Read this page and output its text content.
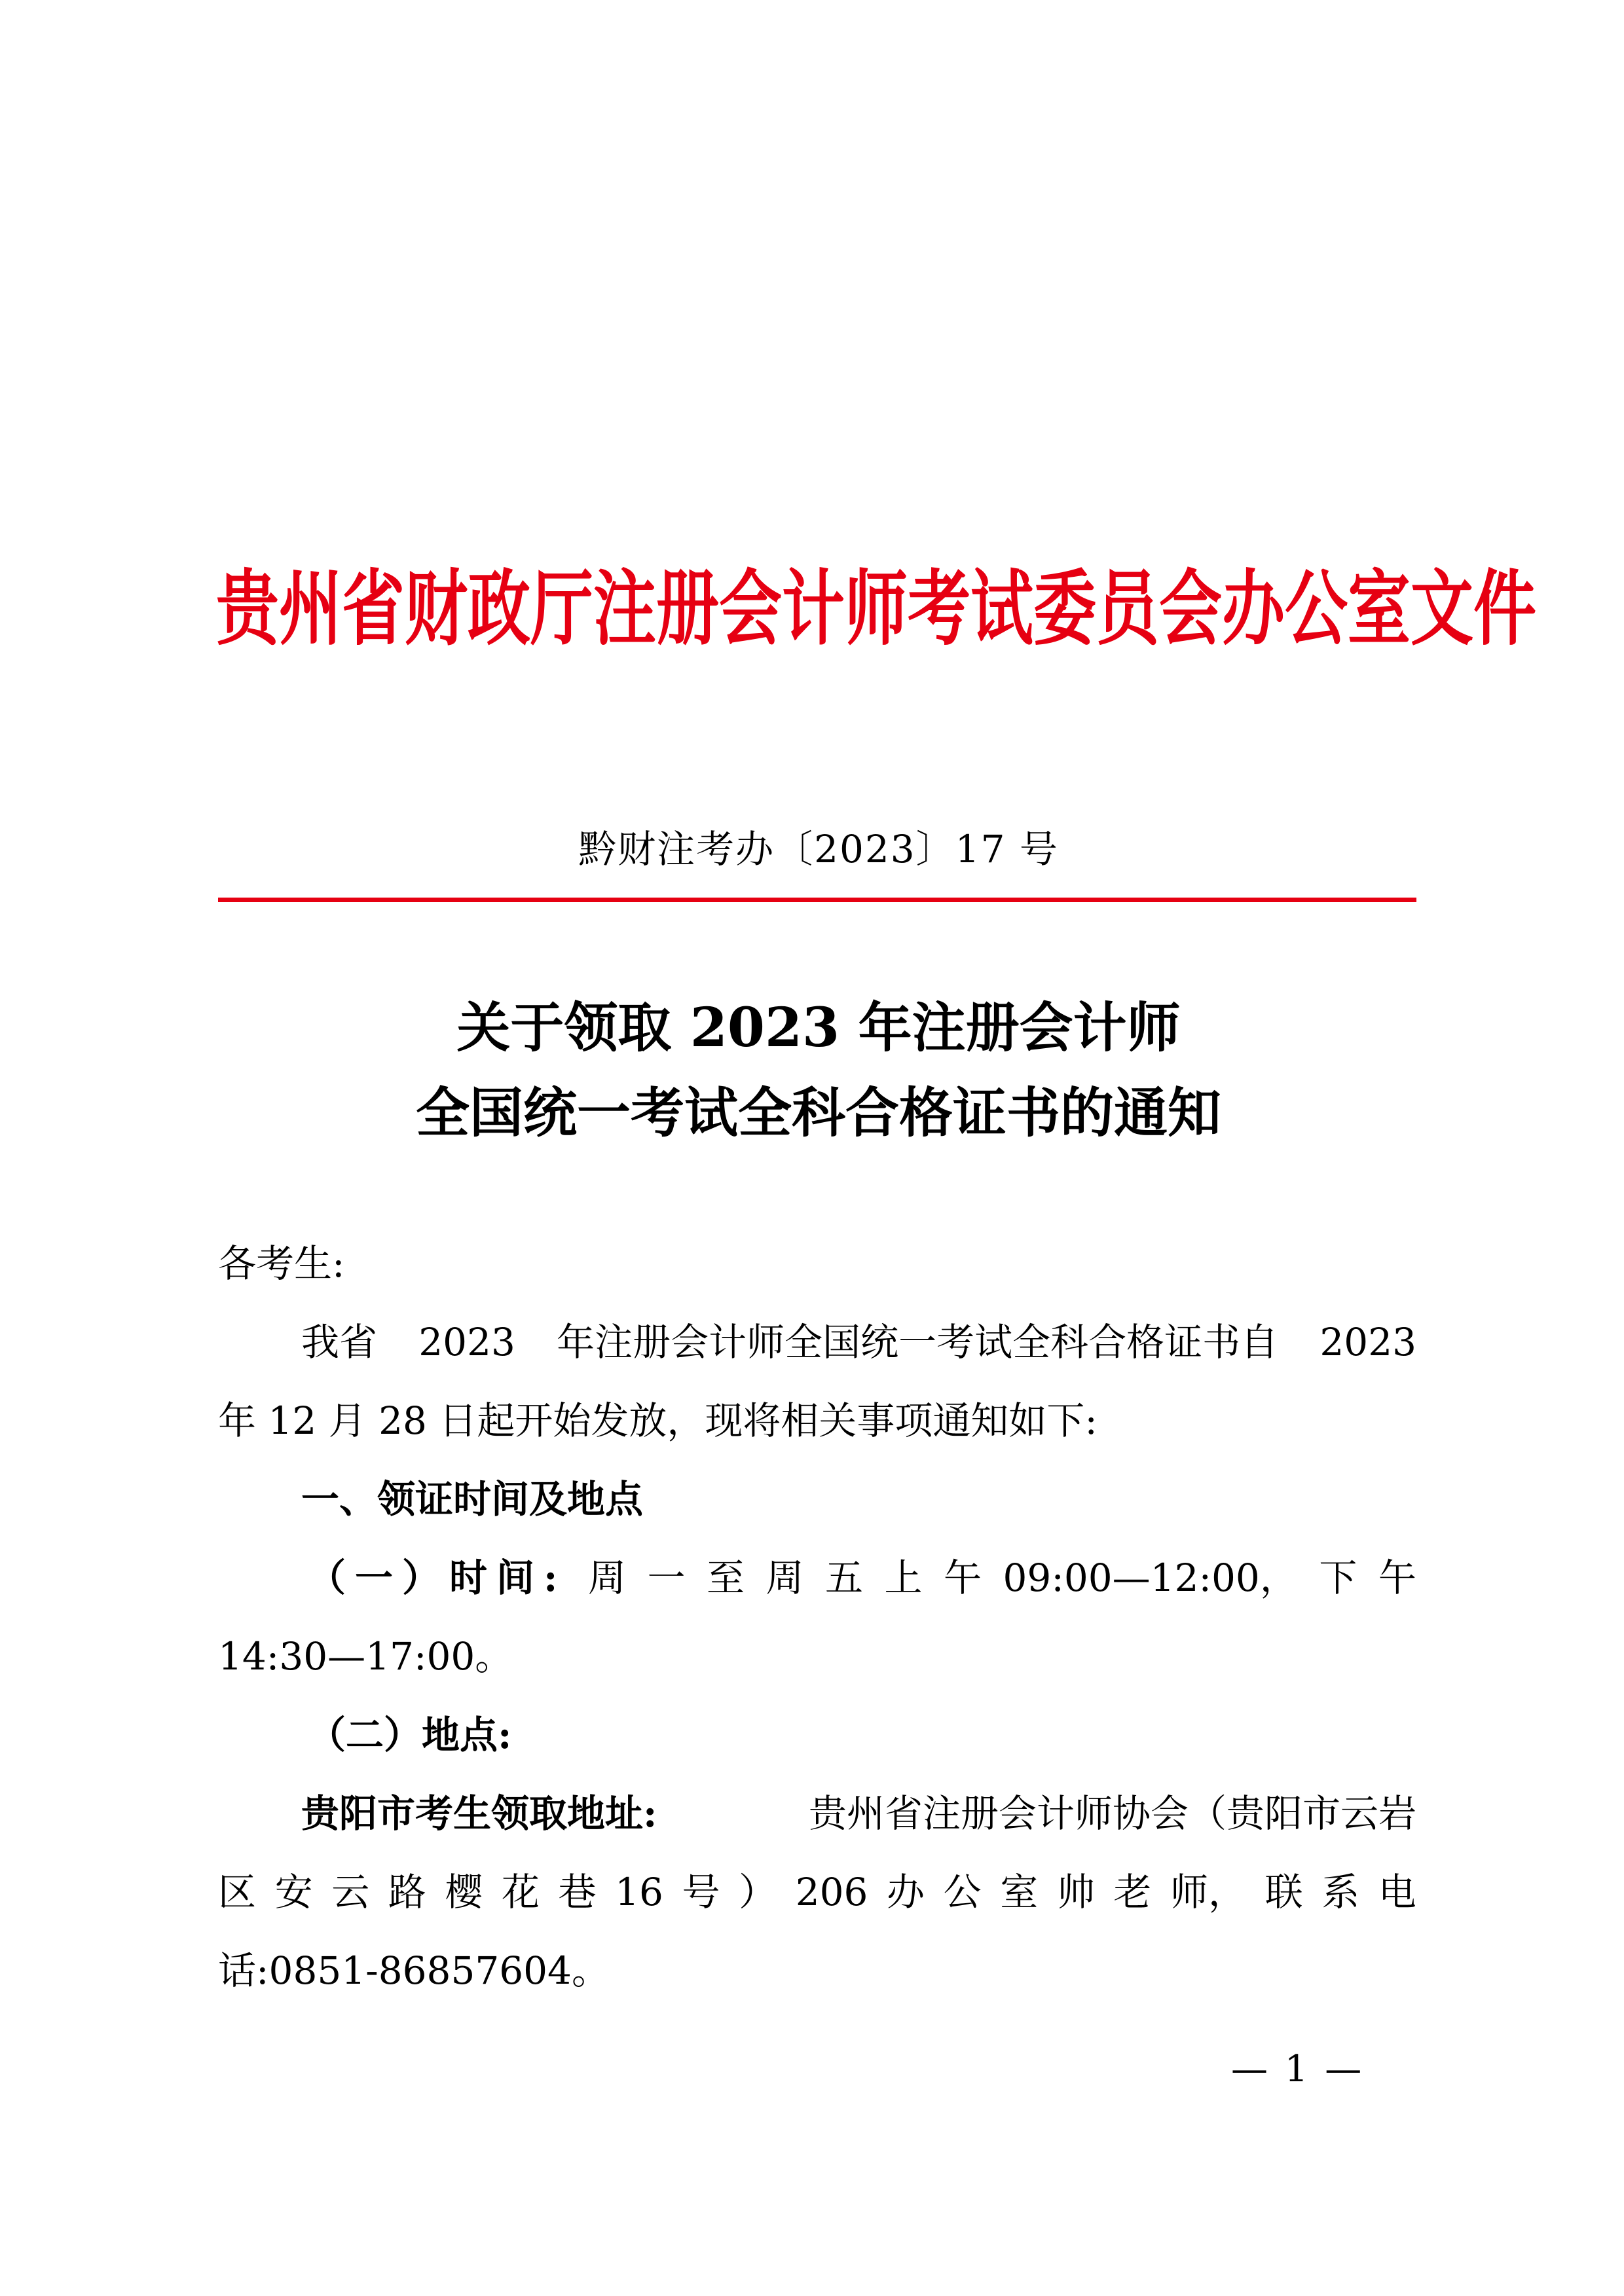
贵州省财政厅注册会计师考试委员会办公室文件
黔财注考办〔2023〕17 号
关于领取 2023 年注册会计师
全国统一考试全科合格证书的通知
各考生:
我省 2023 年注册会计师全国统一考试全科合格证书自 2023
年 12 月 28 日起开始发放，现将相关事项通知如下:
一、领证时间及地点
（一）时间: 周 一 至 周 五 上 午 09:00—12:00， 下 午
14:30—17:00。
（二）地点:
贵阳市考生领取地址:	贵州省注册会计师协会（贵阳市云岩
区 安 云 路 樱 花 巷 16 号 ） 206 办 公 室 帅 老 师， 联 系 电
话:0851-86857604。
— 1 —
